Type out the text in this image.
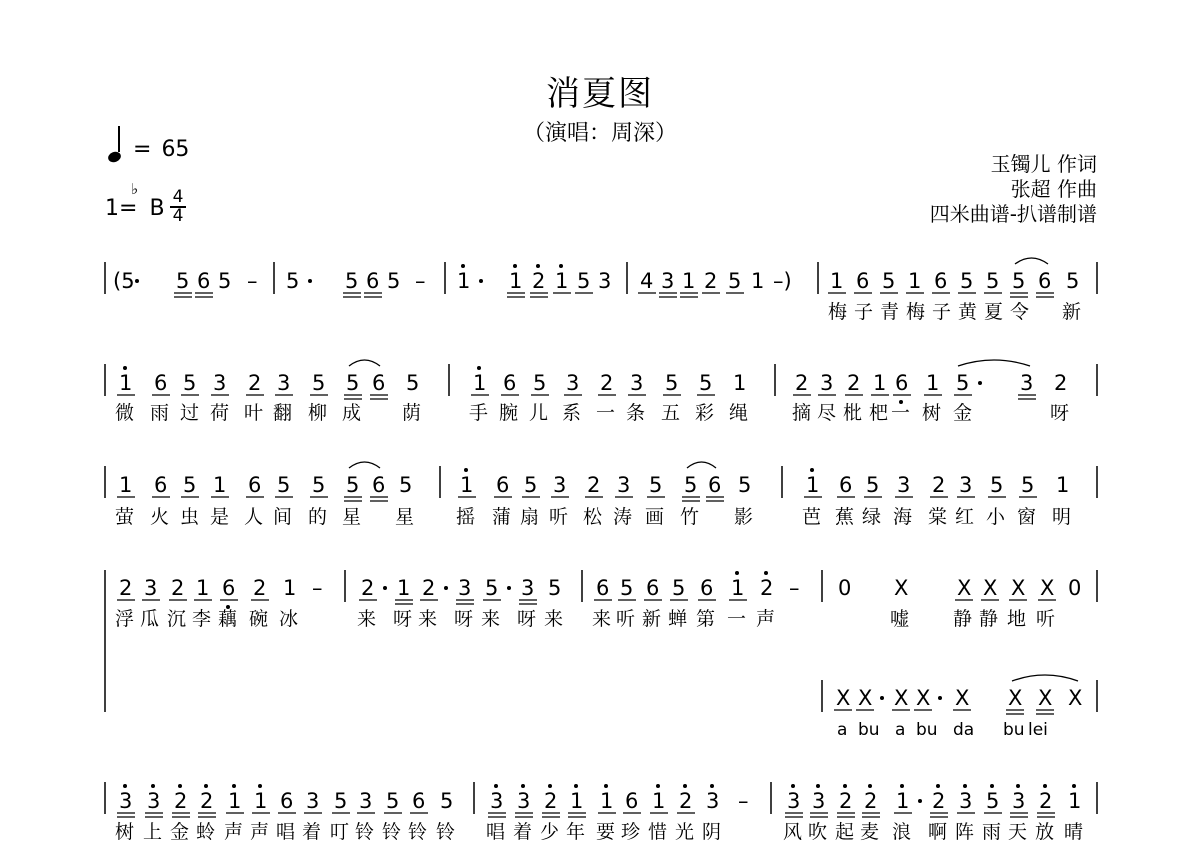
消夏图
（演唱：周深）
= 65
1=
♭
B 4
4
玉镯儿 作词
张超 作曲
四米曲谱-扒谱制谱
(5 5 6 5 – 5 5 6 5 – 1 1 2 1 5 3 4 3 1 2 5 1 –) 1 6 5 1 6 5 5 5 6 5
梅 子 青 梅 子 黄 夏 令 新
1 6 5 3 2 3 5 5 6 5	1 6 5 3 2 3 5 5 1 2 3 2 1 6 1 5 3 2
微 雨 过 荷 叶 翻 柳 成 荫	手 腕 儿 系 一 条 五 彩 绳 摘 尽 枇 杷 一 树 金	呀
1 6 5 1 6 5 5 5 6 5 1 6 5 3 2 3 5 5 6 5	1 6 5 3 2 3 5 5 1
萤 火 虫 是 人 间 的 星 星 摇 蒲 扇 听 松 涛 画 竹 影	芭 蕉 绿 海 棠 红 小 窗 明
2 3 2 1 6 2 1 – 2 1 2 3 5 3 5 6 5 6 5 6 1 2 – 0 X X X X X 0
浮 瓜 沉 李 藕 碗 冰	来 呀 来 呀 来 呀 来 来 听 新 蝉 第 一 声	嘘 静 静 地 听
X X X X X X X X
a bu a bu da bu lei
3 3 2 2 1 1 6 3 5 3 5 6 5 3 3 2 1 1 6 1 2 3 – 3 3 2 2 1 2 3 5 3 2 1
树 上 金 蛉 声 声 唱 着 叮 铃 铃 铃 铃 唱 着 少 年 要 珍 惜 光 阴	风 吹 起 麦 浪 啊 阵 雨 天 放 晴
